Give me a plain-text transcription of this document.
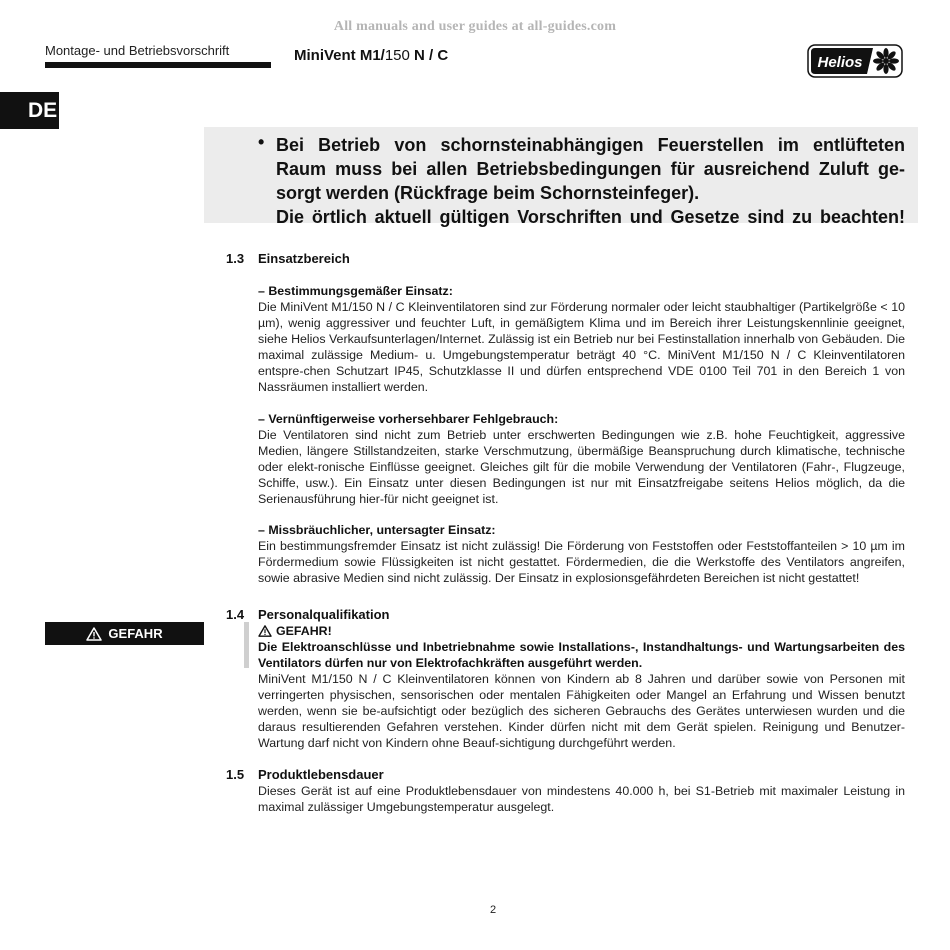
All manuals and user guides at all-guides.com
Montage- und Betriebsvorschrift	MiniVent M1/150 N / C	Helios
DE
• Bei Betrieb von schornsteinabhängigen Feuerstellen im entlüfteten
Raum muss bei allen Betriebsbedingungen für ausreichend Zuluft ge-
sorgt werden (Rückfrage beim Schornsteinfeger).
Die örtlich aktuell gültigen Vorschriften und Gesetze sind zu beachten!
1.3 Einsatzbereich
– Bestimmungsgemäßer Einsatz:

Die MiniVent M1/150 N / C Kleinventilatoren sind zur Förderung normaler oder leicht staubhaltiger (Partikelgröße < 10 µm), wenig aggressiver und feuchter Luft, in gemäßigtem Klima und im Bereich ihrer Leistungskennlinie geeignet, siehe Helios Verkaufsunterlagen/Internet. Zulässig ist ein Betrieb nur bei Festinstallation innerhalb von Gebäuden. Die maximal zulässige Medium- u. Umgebungstemperatur beträgt 40 °C. MiniVent M1/150 N / C Kleinventilatoren entspre-chen Schutzart IP45, Schutzklasse II und dürfen entsprechend VDE 0100 Teil 701 in den Bereich 1 von Nassräumen installiert werden.

– Vernünftigerweise vorhersehbarer Fehlgebrauch:

Die Ventilatoren sind nicht zum Betrieb unter erschwerten Bedingungen wie z.B. hohe Feuchtigkeit, aggressive Medien, längere Stillstandzeiten, starke Verschmutzung, übermäßige Beanspruchung durch klimatische, technische oder elekt-ronische Einflüsse geeignet. Gleiches gilt für die mobile Verwendung der Ventilatoren (Fahr-, Flugzeuge, Schiffe, usw.). Ein Einsatz unter diesen Bedingungen ist nur mit Einsatzfreigabe seitens Helios möglich, da die Serienausführung hier-für nicht geeignet ist.

– Missbräuchlicher, untersagter Einsatz:

Ein bestimmungsfremder Einsatz ist nicht zulässig! Die Förderung von Feststoffen oder Feststoffanteilen > 10 µm im Fördermedium sowie Flüssigkeiten ist nicht gestattet. Fördermedien, die die Werkstoffe des Ventilators angreifen, sowie abrasive Medien sind nicht zulässig. Der Einsatz in explosionsgefährdeten Bereichen ist nicht gestattet!

1.4 Personalqualifikation
GEFAHR	GEFAHR!

Die Elektroanschlüsse und Inbetriebnahme sowie Installations-, Instandhaltungs- und Wartungsarbeiten des Ventilators dürfen nur von Elektrofachkräften ausgeführt werden.

MiniVent M1/150 N / C Kleinventilatoren können von Kindern ab 8 Jahren und darüber sowie von Personen mit verringerten physischen, sensorischen oder mentalen Fähigkeiten oder Mangel an Erfahrung und Wissen benutzt werden, wenn sie be-aufsichtigt oder bezüglich des sicheren Gebrauchs des Gerätes unterwiesen wurden und die daraus resultierenden Gefahren verstehen. Kinder dürfen nicht mit dem Gerät spielen. Reinigung und Benutzer-Wartung darf nicht von Kindern ohne Beauf-sichtigung durchgeführt werden.

1.5 Produktlebensdauer

Dieses Gerät ist auf eine Produktlebensdauer von mindestens 40.000 h, bei S1-Betrieb mit maximaler Leistung in maximal zulässiger Umgebungstemperatur ausgelegt.

2
